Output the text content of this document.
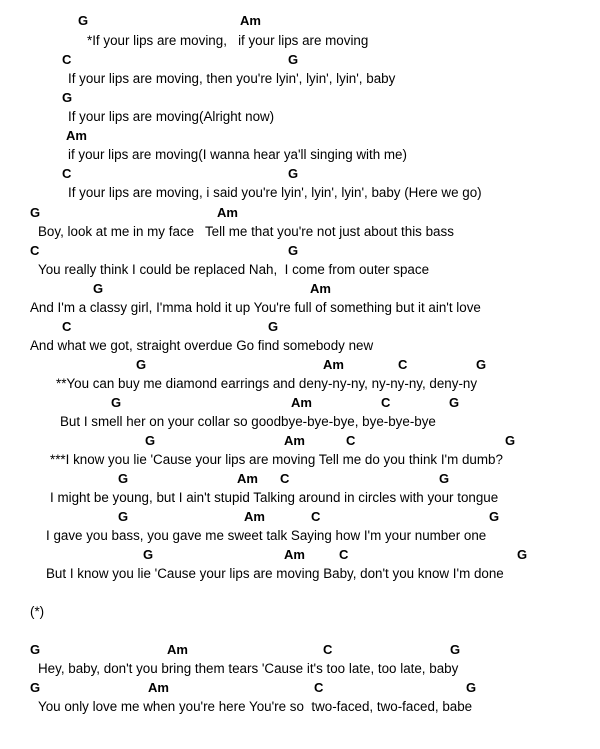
G	Am
*If your lips are moving,   if your lips are moving
C	G
If your lips are moving, then you're lyin', lyin', lyin', baby
G
If your lips are moving(Alright now)
Am
if your lips are moving(I wanna hear ya'll singing with me)
C	G
If your lips are moving, i said you're lyin', lyin', lyin', baby (Here we go)
G	Am
Boy, look at me in my face   Tell me that you're not just about this bass
C	G
You really think I could be replaced Nah,  I come from outer space
G	Am
And I'm a classy girl, I'mma hold it up You're full of something but it ain't love
C	G
And what we got, straight overdue Go find somebody new
G	Am	C	G
**You can buy me diamond earrings and deny-ny-ny, ny-ny-ny, deny-ny
G	Am	C	G
But I smell her on your collar so goodbye-bye-bye, bye-bye-bye
G	Am	C	G
***I know you lie 'Cause your lips are moving Tell me do you think I'm dumb?
G	Am C	G
I might be young, but I ain't stupid Talking around in circles with your tongue
G	Am	C	G
I gave you bass, you gave me sweet talk Saying how I'm your number one
G	Am	C	G
But I know you lie 'Cause your lips are moving Baby, don't you know I'm done
(*)
G	Am	C	G
Hey, baby, don't you bring them tears 'Cause it's too late, too late, baby
G	Am	C	G
You only love me when you're here You're so  two-faced, two-faced, babe
